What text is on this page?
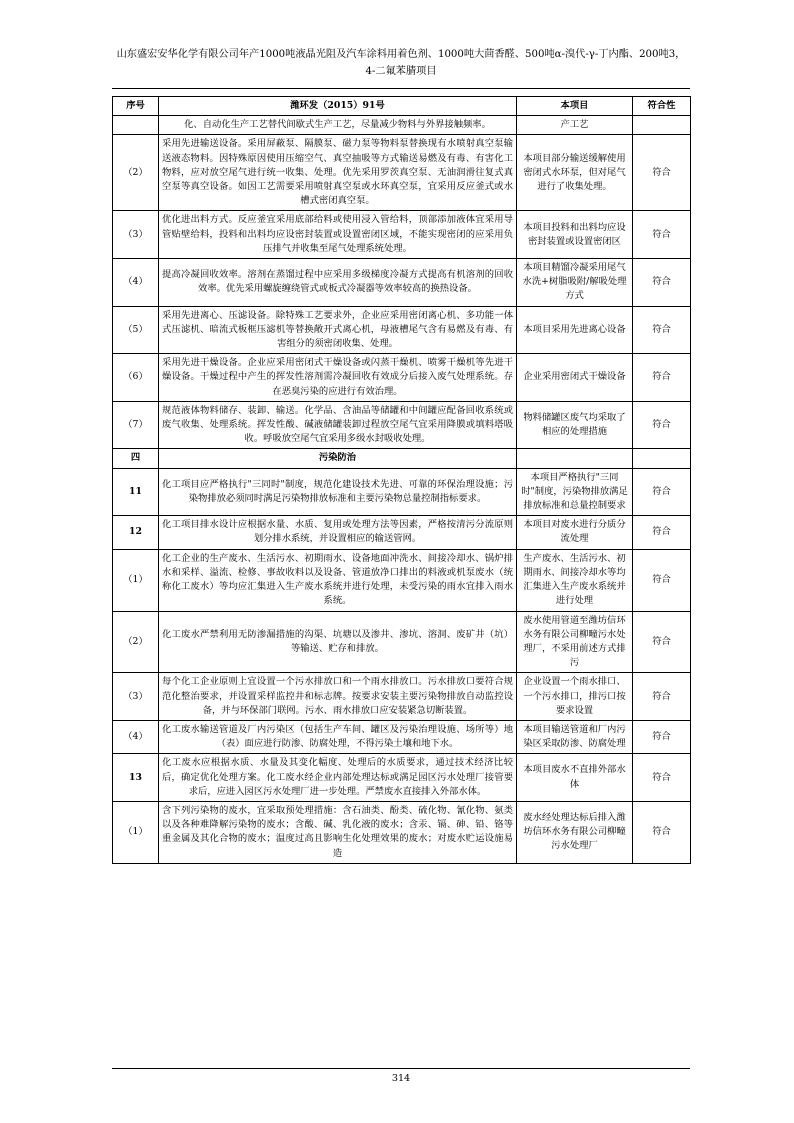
山东盛宏安华化学有限公司年产1000吨液晶光阻及汽车涂料用着色剂、1000吨大茴香醛、500吨α-溴代-γ-丁内酯、200吨3，4-二氟苯腈项目
序号	潍环发（2015）91号	本项目	符合性
	化、自动化生产工艺替代间歇式生产工艺，尽量减少物料与外界接触频率。	产工艺	
（2）	采用先进输送设备。采用屏蔽泵、隔膜泵、磁力泵等物料泵替换现有水喷射真空泵输送液态物料。因特殊原因使用压缩空气、真空抽吸等方式输送易燃及有毒、有害化工物料，应对放空尾气进行统一收集、处理。优先采用罗茨真空泵、无油润滑往复式真空泵等真空设备。如因工艺需要采用喷射真空泵或水环真空泵，宜采用反应釜式或水槽式密闭真空泵。	本项目部分输送缓解使用密闭式水环泵，但对尾气进行了收集处理。	符合
（3）	优化进出料方式。反应釜宜采用底部给料或使用浸入管给料，顶部添加液体宜采用导管贴壁给料，投料和出料均应设密封装置或设置密闭区域，不能实现密闭的应采用负压排气并收集至尾气处理系统处理。	本项目投料和出料均应设密封装置或设置密闭区	符合
（4）	提高冷凝回收效率。溶剂在蒸馏过程中应采用多级梯度冷凝方式提高有机溶剂的回收效率。优先采用螺旋缠绕管式或板式冷凝器等效率较高的换热设备。	本项目精馏冷凝采用尾气水洗+树脂吸附/解吸处理方式	符合
（5）	采用先进离心、压滤设备。除特殊工艺要求外，企业应采用密闭离心机、多功能一体式压滤机、暗流式板框压滤机等替换敞开式离心机，母液槽尾气含有易燃及有毒、有害组分的须密闭收集、处理。	本项目采用先进离心设备	符合
（6）	采用先进干燥设备。企业应采用密闭式干燥设备或闪蒸干燥机、喷雾干燥机等先进干燥设备。干燥过程中产生的挥发性溶剂需冷凝回收有效成分后接入废气处理系统。存在恶臭污染的应进行有效治理。	企业采用密闭式干燥设备	符合
（7）	规范液体物料储存、装卸、输送。化学品、含油品等储罐和中间罐应配备回收系统或废气收集、处理系统。挥发性酸、碱液储罐装卸过程放空尾气宜采用降膜或填料塔吸收。呼吸放空尾气宜采用多级水封吸收处理。	物料储罐区废气均采取了相应的处理措施	符合
四	污染防治		
11	化工项目应严格执行"三同时"制度，规范化建设技术先进、可靠的环保治理设施；污染物排放必须同时满足污染物排放标准和主要污染物总量控制指标要求。	本项目严格执行"三同时"制度，污染物排放满足排放标准和总量控制要求	符合
12	化工项目排水设计应根据水量、水质、复用或处理方法等因素，严格按清污分流原则划分排水系统，并设置相应的输送管网。	本项目对废水进行分质分流处理	符合
（1）	化工企业的生产废水、生活污水、初期雨水、设备地面冲洗水、间接冷却水、锅炉排水和采样、溢流、检修、事故收料以及设备、管道放净口排出的料液或机泵废水（统称化工废水）等均应汇集进入生产废水系统并进行处理，未受污染的雨水宜排入雨水系统。	生产废水、生活污水、初期雨水、间接冷却水等均汇集进入生产废水系统并进行处理	符合
（2）	化工废水严禁利用无防渗漏措施的沟渠、坑塘以及渗井、渗坑、溶洞、废矿井（坑）等输送、贮存和排放。	废水使用管道至潍坊信环水务有限公司柳疃污水处理厂，不采用前述方式排污	符合
（3）	每个化工企业原则上宜设置一个污水排放口和一个雨水排放口。污水排放口要符合规范化整治要求，并设置采样监控井和标志牌。按要求安装主要污染物排放自动监控设备，并与环保部门联网。污水、雨水排放口应安装紧急切断装置。	企业设置一个雨水排口、一个污水排口，排污口按要求设置	符合
（4）	化工废水输送管道及厂内污染区（包括生产车间、罐区及污染治理设施、场所等）地（表）面应进行防渗、防腐处理，不得污染土壤和地下水。	本项目输送管道和厂内污染区采取防渗、防腐处理	符合
13	化工废水应根据水质、水量及其变化幅度、处理后的水质要求，通过技术经济比较后，确定优化处理方案。化工废水经企业内部处理达标或满足园区污水处理厂接管要求后，应进入园区污水处理厂进一步处理。严禁废水直接排入外部水体。	本项目废水不直排外部水体	符合
（1）	含下列污染物的废水，宜采取预处理措施：含石油类、酚类、硫化物、氰化物、氨类以及各种难降解污染物的废水；含酸、碱、乳化液的废水；含汞、镉、砷、铅、铬等重金属及其化合物的废水；温度过高且影响生化处理效果的废水；对废水贮运设施易造	废水经处理达标后排入潍坊信环水务有限公司柳疃污水处理厂	符合
314
